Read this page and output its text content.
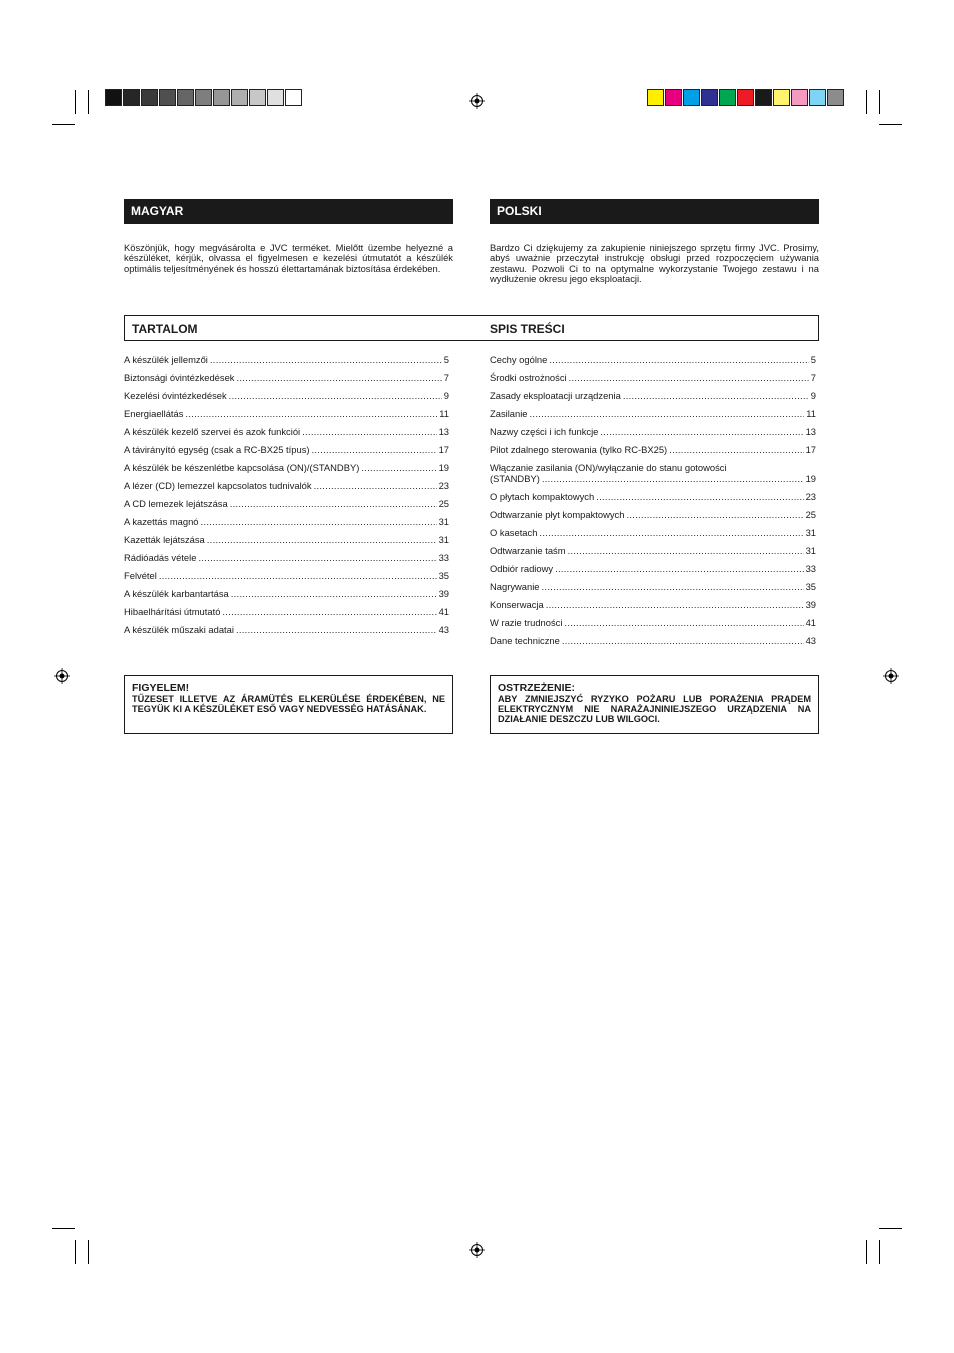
MAGYAR	POLSKI
Köszönjük, hogy megvásárolta e JVC terméket. Mielőtt üzembe helyezné a készüléket, kérjük, olvassa el figyelmesen e kezelési útmutatót a készülék optimális teljesítményének és hosszú élettartamának biztosítása érdekében.
Bardzo Ci dziękujemy za zakupienie niniejszego sprzętu firmy JVC. Prosimy, abyś uważnie przeczytał instrukcję obsługi przed rozpoczęciem używania zestawu. Pozwoli Ci to na optymalne wykorzystanie Twojego zestawu i na wydłużenie okresu jego eksploatacji.
TARTALOM	SPIS TREŚCI
A készülék jellemzői .....	5
Biztonsági óvintézkedések .....	7
Kezelési óvintézkedések .....	9
Energiaellátás .....	11
A készülék kezelő szervei és azok funkciói .....	13
A távirányító egység (csak a RC-BX25 típus) .....	17
A készülék be készenlétbe kapcsolása (ON)/(STANDBY) .....	19
A lézer (CD) lemezzel kapcsolatos tudnivalók .....	23
A CD lemezek lejátszása .....	25
A kazettás magnó .....	31
Kazetták lejátszása .....	31
Rádióadás vétele .....	33
Felvétel .....	35
A készülék karbantartása .....	39
Hibaelhárítási útmutató .....	41
A készülék műszaki adatai .....	43
Cechy ogólne .....	5
Środki ostrożności .....	7
Zasady eksploatacji urządzenia .....	9
Zasilanie .....	11
Nazwy części i ich funkcje .....	13
Pilot zdalnego sterowania (tylko RC-BX25) .....	17
Włączanie zasilania (ON)/wyłączanie do stanu gotowości
(STANDBY) .....	19
O płytach kompaktowych .....	23
Odtwarzanie płyt kompaktowych .....	25
O kasetach .....	31
Odtwarzanie taśm .....	31
Odbiór radiowy .....	33
Nagrywanie .....	35
Konserwacja .....	39
W razie trudności .....	41
Dane techniczne .....	43
FIGYELEM!
TŰZESET ILLETVE AZ ÁRAMÜTÉS ELKERÜLÉSE ÉRDEKÉBEN, NE TEGYÜK KI A KÉSZÜLÉKET ESŐ VAGY NEDVESSÉG HATÁSÁNAK.
OSTRZEŻENIE:
ABY ZMNIEJSZYĆ RYZYKO POŻARU LUB PORAŻENIA PRĄDEM ELEKTRYCZNYM NIE NARAŻAJNINIEJSZEGO URZĄDZENIA NA DZIAŁANIE DESZCZU LUB WILGOCI.
